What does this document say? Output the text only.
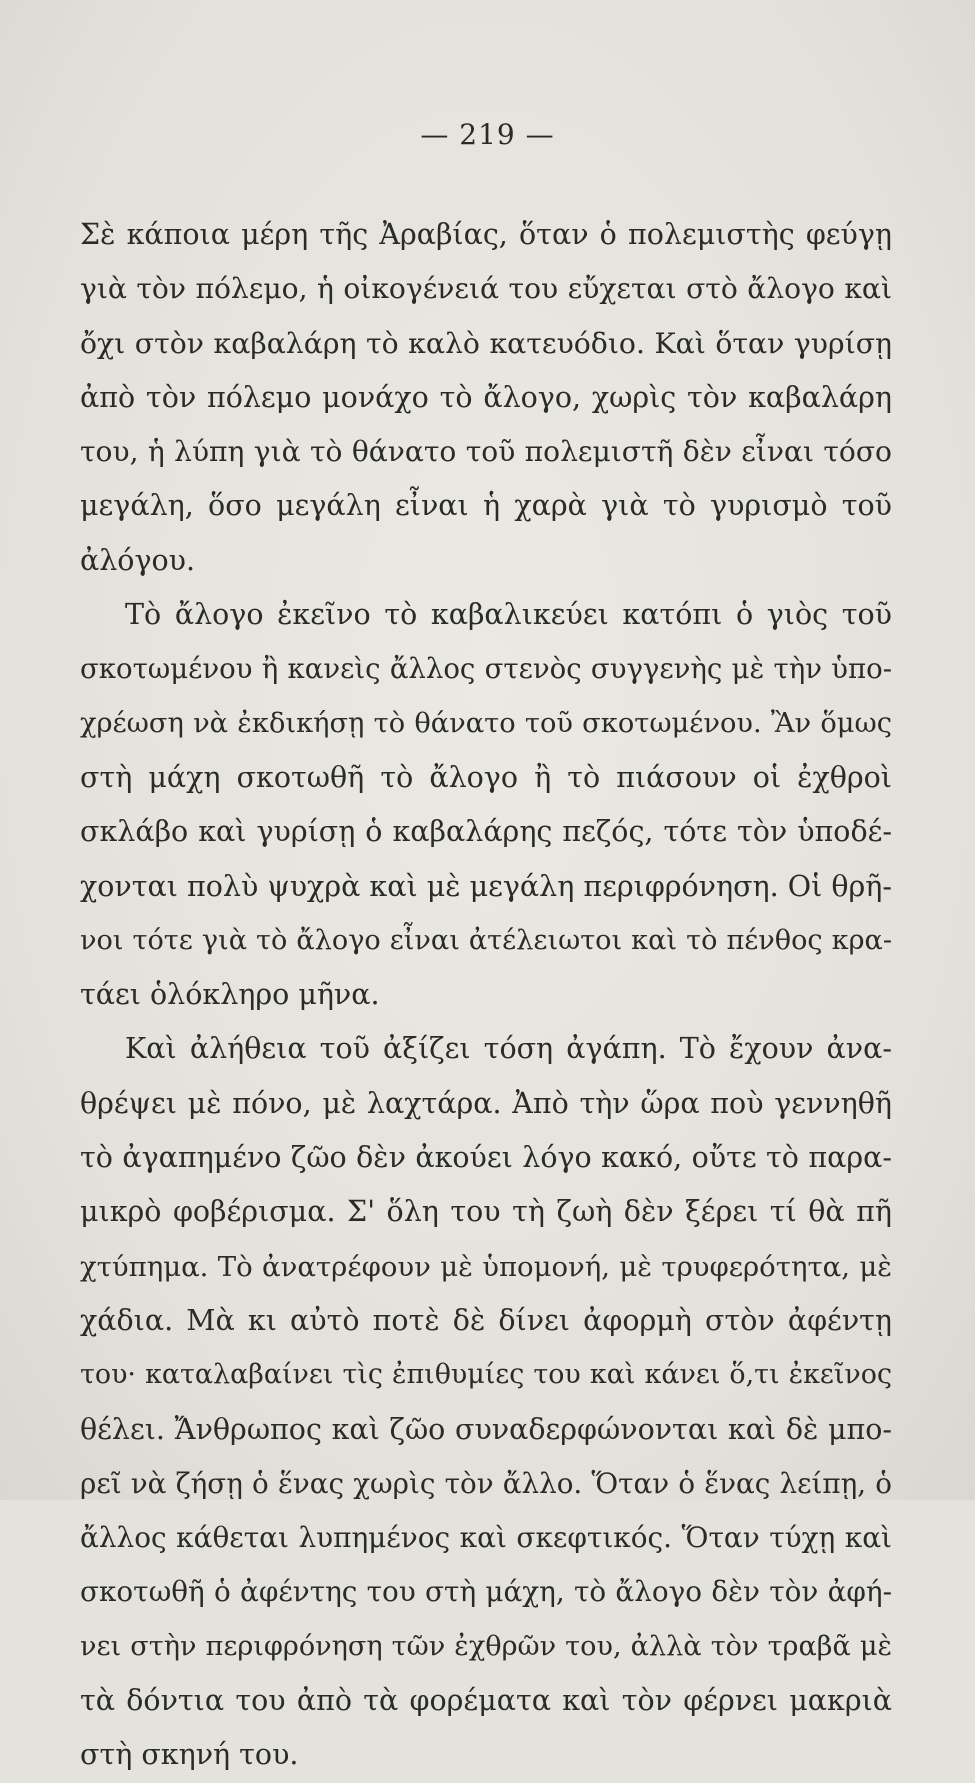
— 219 —
Σὲ κάποια μέρη τῆς Ἀραβίας, ὅταν ὁ πολεμιστὴς φεύγῃ
γιὰ τὸν πόλεμο, ἡ οἰκογένειά του εὔχεται στὸ ἄλογο καὶ
ὄχι στὸν καβαλάρη τὸ καλὸ κατευόδιο. Καὶ ὅταν γυρίσῃ
ἀπὸ τὸν πόλεμο μονάχο τὸ ἄλογο, χωρὶς τὸν καβαλάρη
του, ἡ λύπη γιὰ τὸ θάνατο τοῦ πολεμιστῆ δὲν εἶναι τόσο
μεγάλη, ὅσο μεγάλη εἶναι ἡ χαρὰ γιὰ τὸ γυρισμὸ τοῦ
ἀλόγου.
Τὸ ἄλογο ἐκεῖνο τὸ καβαλικεύει κατόπι ὁ γιὸς τοῦ
σκοτωμένου ἢ κανεὶς ἄλλος στενὸς συγγενὴς μὲ τὴν ὑπο-
χρέωση νὰ ἐκδικήσῃ τὸ θάνατο τοῦ σκοτωμένου. Ἂν ὅμως
στὴ μάχη σκοτωθῆ τὸ ἄλογο ἢ τὸ πιάσουν οἱ ἐχθροὶ
σκλάβο καὶ γυρίσῃ ὁ καβαλάρης πεζός, τότε τὸν ὑποδέ-
χονται πολὺ ψυχρὰ καὶ μὲ μεγάλη περιφρόνηση. Οἱ θρῆ-
νοι τότε γιὰ τὸ ἄλογο εἶναι ἀτέλειωτοι καὶ τὸ πένθος κρα-
τάει ὁλόκληρο μῆνα.
Καὶ ἀλήθεια τοῦ ἀξίζει τόση ἀγάπη. Τὸ ἔχουν ἀνα-
θρέψει μὲ πόνο, μὲ λαχτάρα. Ἀπὸ τὴν ὥρα ποὺ γεννηθῆ
τὸ ἀγαπημένο ζῶο δὲν ἀκούει λόγο κακό, οὔτε τὸ παρα-
μικρὸ φοβέρισμα. Σ' ὅλη του τὴ ζωὴ δὲν ξέρει τί θὰ πῆ
χτύπημα. Τὸ ἀνατρέφουν μὲ ὑπομονή, μὲ τρυφερότητα, μὲ
χάδια. Μὰ κι αὐτὸ ποτὲ δὲ δίνει ἀφορμὴ στὸν ἀφέντῃ
του· καταλαβαίνει τὶς ἐπιθυμίες του καὶ κάνει ὅ,τι ἐκεῖνος
θέλει. Ἄνθρωπος καὶ ζῶο συναδερφώνονται καὶ δὲ μπο-
ρεῖ νὰ ζήσῃ ὁ ἕνας χωρὶς τὸν ἄλλο. Ὅταν ὁ ἕνας λείπῃ, ὁ
ἄλλος κάθεται λυπημένος καὶ σκεφτικός. Ὅταν τύχῃ καὶ
σκοτωθῆ ὁ ἀφέντης του στὴ μάχη, τὸ ἄλογο δὲν τὸν ἀφή-
νει στὴν περιφρόνηση τῶν ἐχθρῶν του, ἀλλὰ τὸν τραβᾶ μὲ
τὰ δόντια του ἀπὸ τὰ φορέματα καὶ τὸν φέρνει μακριὰ
στὴ σκηνή του.
